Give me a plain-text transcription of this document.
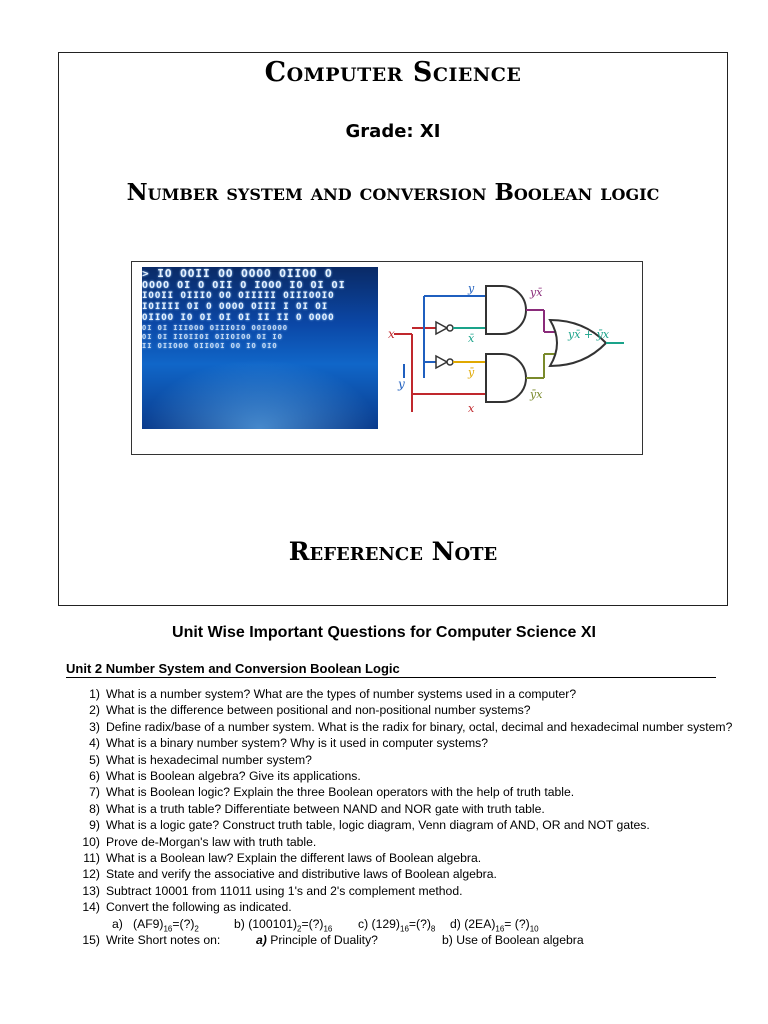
Computer Science

Grade: XI

Number system and conversion Boolean logic
> IO OOII OO OOOO OIIOO O
OOOO OI O OII O IOOO IO OI OI
IOOII OIIIO OO OIIIII OIIIOOIO
IOIIII OI O OOOO OIII I OI OI
OIIOO IO OI OI OI II II O OOOO
OI OI IIIOOO OIIIOIO OOIOOOO
OI OI IIOIIOI OIIOIOO OI IO
II OIIOOO OIIOOI OO IO OIO
x
y
y
x̄
ȳ
x
yx̄
ȳx
yx̄ + ȳx
Reference Note
Unit Wise Important Questions for Computer Science XI
Unit 2 Number System and Conversion Boolean Logic
1) What is a number system? What are the types of number systems used in a computer?
2) What is the difference between positional and non-positional number systems?
3) Define radix/base of a number system. What is the radix for binary, octal, decimal and hexadecimal number system?
4) What is a binary number system? Why is it used in computer systems?
5) What is hexadecimal number system?
6) What is Boolean algebra? Give its applications.
7) What is Boolean logic? Explain the three Boolean operators with the help of truth table.
8) What is a truth table? Differentiate between NAND and NOR gate with truth table.
9) What is a logic gate? Construct truth table, logic diagram, Venn diagram of AND, OR and NOT gates.
10) Prove de-Morgan's law with truth table.
11) What is a Boolean law? Explain the different laws of Boolean algebra.
12) State and verify the associative and distributive laws of Boolean algebra.
13) Subtract 10001 from 11011 using 1's and 2's complement method.
14) Convert the following as indicated.
a) $(AF9)_{16}=(?)_2$	b) $(100101)_2=(?)_{16}$	c) $(129)_{16}=(?)_8$	d) $(2EA)_{16}=$ $(?)_{10}$
15) Write Short notes on:	a) Principle of Duality?	b) Use of Boolean algebra
